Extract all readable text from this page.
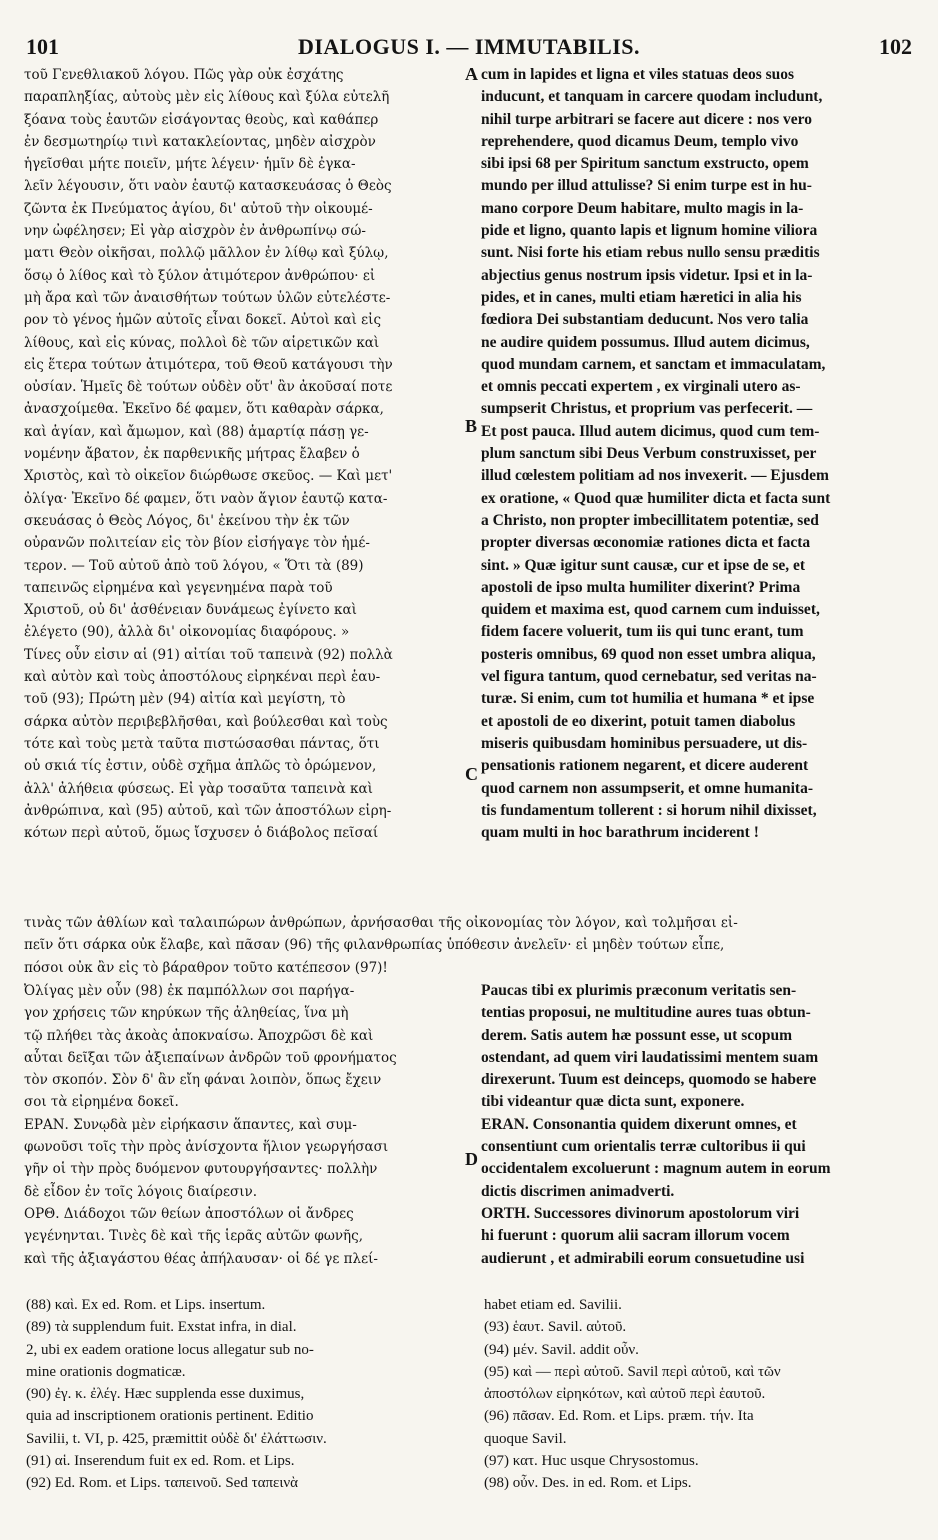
101	DIALOGUS I. — IMMUTABILIS.	102
τοῦ Γενεθλιακοῦ λόγου. Πῶς γὰρ οὐκ ἐσχάτης
παραπληξίας, αὐτοὺς μὲν εἰς λίθους καὶ ξύλα εὐτελῆ
ξόανα τοὺς ἑαυτῶν εἰσάγοντας θεοὺς, καὶ καθάπερ
ἐν δεσμωτηρίῳ τινὶ κατακλείοντας, μηδὲν αἰσχρὸν
ἡγεῖσθαι μήτε ποιεῖν, μήτε λέγειν· ἡμῖν δὲ ἐγκα-
λεῖν λέγουσιν, ὅτι ναὸν ἑαυτῷ κατασκευάσας ὁ Θεὸς
ζῶντα ἐκ Πνεύματος ἁγίου, δι' αὐτοῦ τὴν οἰκουμέ-
νην ὠφέλησεν; Εἰ γὰρ αἰσχρὸν ἐν ἀνθρωπίνῳ σώ-
ματι Θεὸν οἰκῆσαι, πολλῷ μᾶλλον ἐν λίθῳ καὶ ξύλῳ,
ὅσῳ ὁ λίθος καὶ τὸ ξύλον ἀτιμότερον ἀνθρώπου· εἰ
μὴ ἄρα καὶ τῶν ἀναισθήτων τούτων ὑλῶν εὐτελέστε-
ρον τὸ γένος ἡμῶν αὐτοῖς εἶναι δοκεῖ. Αὐτοὶ καὶ εἰς
λίθους, καὶ εἰς κύνας, πολλοὶ δὲ τῶν αἱρετικῶν καὶ
εἰς ἕτερα τούτων ἀτιμότερα, τοῦ Θεοῦ κατάγουσι τὴν
οὐσίαν. Ἡμεῖς δὲ τούτων οὐδὲν οὔτ' ἂν ἀκοῦσαί ποτε
ἀνασχοίμεθα. Ἐκεῖνο δέ φαμεν, ὅτι καθαρὰν σάρκα,
καὶ ἁγίαν, καὶ ἄμωμον, καὶ (88) ἁμαρτίᾳ πάσῃ γε-
νομένην ἄβατον, ἐκ παρθενικῆς μήτρας ἔλαβεν ὁ
Χριστὸς, καὶ τὸ οἰκεῖον διώρθωσε σκεῦος. — Καὶ μετ'
ὀλίγα· Ἐκεῖνο δέ φαμεν, ὅτι ναὸν ἅγιον ἑαυτῷ κατα-
σκευάσας ὁ Θεὸς Λόγος, δι' ἐκείνου τὴν ἐκ τῶν
οὐρανῶν πολιτείαν εἰς τὸν βίον εἰσήγαγε τὸν ἡμέ-
τερον. — Τοῦ αὐτοῦ ἀπὸ τοῦ λόγου, « Ὅτι τὰ (89)
ταπεινῶς εἰρημένα καὶ γεγενημένα παρὰ τοῦ
Χριστοῦ, οὐ δι' ἀσθένειαν δυνάμεως ἐγίνετο καὶ
ἐλέγετο (90), ἀλλὰ δι' οἰκονομίας διαφόρους. »
Τίνες οὖν εἰσιν αἱ (91) αἰτίαι τοῦ ταπεινὰ (92) πολλὰ
καὶ αὐτὸν καὶ τοὺς ἀποστόλους εἰρηκέναι περὶ ἑαυ-
τοῦ (93); Πρώτη μὲν (94) αἰτία καὶ μεγίστη, τὸ
σάρκα αὐτὸν περιβεβλῆσθαι, καὶ βούλεσθαι καὶ τοὺς
τότε καὶ τοὺς μετὰ ταῦτα πιστώσασθαι πάντας, ὅτι
οὐ σκιά τίς ἐστιν, οὐδὲ σχῆμα ἁπλῶς τὸ ὁρώμενον,
ἀλλ' ἀλήθεια φύσεως. Εἰ γὰρ τοσαῦτα ταπεινὰ καὶ
ἀνθρώπινα, καὶ (95) αὐτοῦ, καὶ τῶν ἀποστόλων εἰρη-
κότων περὶ αὐτοῦ, ὅμως ἴσχυσεν ὁ διάβολος πεῖσαί
A
B
C
D
cum in lapides et ligna et viles statuas deos suos
inducunt, et tanquam in carcere quodam includunt,
nihil turpe arbitrari se facere aut dicere : nos vero
reprehendere, quod dicamus Deum, templo vivo
sibi ipsi 68 per Spiritum sanctum exstructo, opem
mundo per illud attulisse? Si enim turpe est in hu-
mano corpore Deum habitare, multo magis in la-
pide et ligno, quanto lapis et lignum homine viliora
sunt. Nisi forte his etiam rebus nullo sensu præditis
abjectius genus nostrum ipsis videtur. Ipsi et in la-
pides, et in canes, multi etiam hæretici in alia his
fœdiora Dei substantiam deducunt. Nos vero talia
ne audire quidem possumus. Illud autem dicimus,
quod mundam carnem, et sanctam et immaculatam,
et omnis peccati expertem , ex virginali utero as-
sumpserit Christus, et proprium vas perfecerit. —
Et post pauca. Illud autem dicimus, quod cum tem-
plum sanctum sibi Deus Verbum construxisset, per
illud cœlestem politiam ad nos invexerit. — Ejusdem
ex oratione, « Quod quæ humiliter dicta et facta sunt
a Christo, non propter imbecillitatem potentiæ, sed
propter diversas œconomiæ rationes dicta et facta
sint. » Quæ igitur sunt causæ, cur et ipse de se, et
apostoli de ipso multa humiliter dixerint? Prima
quidem et maxima est, quod carnem cum induisset,
fidem facere voluerit, tum iis qui tunc erant, tum
posteris omnibus, 69 quod non esset umbra aliqua,
vel figura tantum, quod cernebatur, sed veritas na-
turæ. Si enim, cum tot humilia et humana * et ipse
et apostoli de eo dixerint, potuit tamen diabolus
miseris quibusdam hominibus persuadere, ut dis-
pensationis rationem negarent, et dicere auderent
quod carnem non assumpserit, et omne humanita-
tis fundamentum tollerent : si horum nihil dixisset,
quam multi in hoc barathrum inciderent !
τινὰς τῶν ἀθλίων καὶ ταλαιπώρων ἀνθρώπων, ἀρνήσασθαι τῆς οἰκονομίας τὸν λόγον, καὶ τολμῆσαι εἰ-
πεῖν ὅτι σάρκα οὐκ ἔλαβε, καὶ πᾶσαν (96) τῆς φιλανθρωπίας ὑπόθεσιν ἀνελεῖν· εἰ μηδὲν τούτων εἶπε,
πόσοι οὐκ ἂν εἰς τὸ βάραθρον τοῦτο κατέπεσον (97)!
Ὀλίγας μὲν οὖν (98) ἐκ παμπόλλων σοι παρήγα-
γον χρήσεις τῶν κηρύκων τῆς ἀληθείας, ἵνα μὴ
τῷ πλήθει τὰς ἀκοὰς ἀποκναίσω. Ἀποχρῶσι δὲ καὶ
αὗται δεῖξαι τῶν ἀξιεπαίνων ἀνδρῶν τοῦ φρονήματος
τὸν σκοπόν. Σὸν δ' ἂν εἴη φάναι λοιπὸν, ὅπως ἔχειν
σοι τὰ εἰρημένα δοκεῖ.
ΕΡΑΝ. Συνῳδὰ μὲν εἰρήκασιν ἅπαντες, καὶ συμ-
φωνοῦσι τοῖς τὴν πρὸς ἀνίσχοντα ἥλιον γεωργήσασι
γῆν οἱ τὴν πρὸς δυόμενον φυτουργήσαντες· πολλὴν
δὲ εἶδον ἐν τοῖς λόγοις διαίρεσιν.
ΟΡΘ. Διάδοχοι τῶν θείων ἀποστόλων οἱ ἄνδρες
γεγένηνται. Τινὲς δὲ καὶ τῆς ἱερᾶς αὐτῶν φωνῆς,
καὶ τῆς ἀξιαγάστου θέας ἀπήλαυσαν· οἱ δέ γε πλεί-
Paucas tibi ex plurimis præconum veritatis sen-
tentias proposui, ne multitudine aures tuas obtun-
derem. Satis autem hæ possunt esse, ut scopum
ostendant, ad quem viri laudatissimi mentem suam
direxerunt. Tuum est deinceps, quomodo se habere
tibi videantur quæ dicta sunt, exponere.
ERAN. Consonantia quidem dixerunt omnes, et
consentiunt cum orientalis terræ cultoribus ii qui
occidentalem excoluerunt : magnum autem in eorum
dictis discrimen animadverti.
ORTH. Successores divinorum apostolorum viri
hi fuerunt : quorum alii sacram illorum vocem
audierunt , et admirabili eorum consuetudine usi
(88) καὶ. Ex ed. Rom. et Lips. insertum.
(89) τὰ supplendum fuit. Exstat infra, in dial.
2, ubi ex eadem oratione locus allegatur sub no-
mine orationis dogmaticæ.
(90) ἐγ. κ. ἐλέγ. Hæc supplenda esse duximus,
quia ad inscriptionem orationis pertinent. Editio
Savilii, t. VI, p. 425, præmittit οὐδὲ δι' ἐλάττωσιν.
(91) αἱ. Inserendum fuit ex ed. Rom. et Lips.
(92) Ed. Rom. et Lips. ταπεινοῦ. Sed ταπεινὰ
habet etiam ed. Savilii.
(93) ἑαυτ. Savil. αὐτοῦ.
(94) μέν. Savil. addit οὖν.
(95) καὶ — περὶ αὐτοῦ. Savil περὶ αὐτοῦ, καὶ τῶν
ἀποστόλων εἰρηκότων, καὶ αὐτοῦ περὶ ἑαυτοῦ.
(96) πᾶσαν. Ed. Rom. et Lips. præm. τήν. Ita
quoque Savil.
(97) κατ. Huc usque Chrysostomus.
(98) οὖν. Des. in ed. Rom. et Lips.
